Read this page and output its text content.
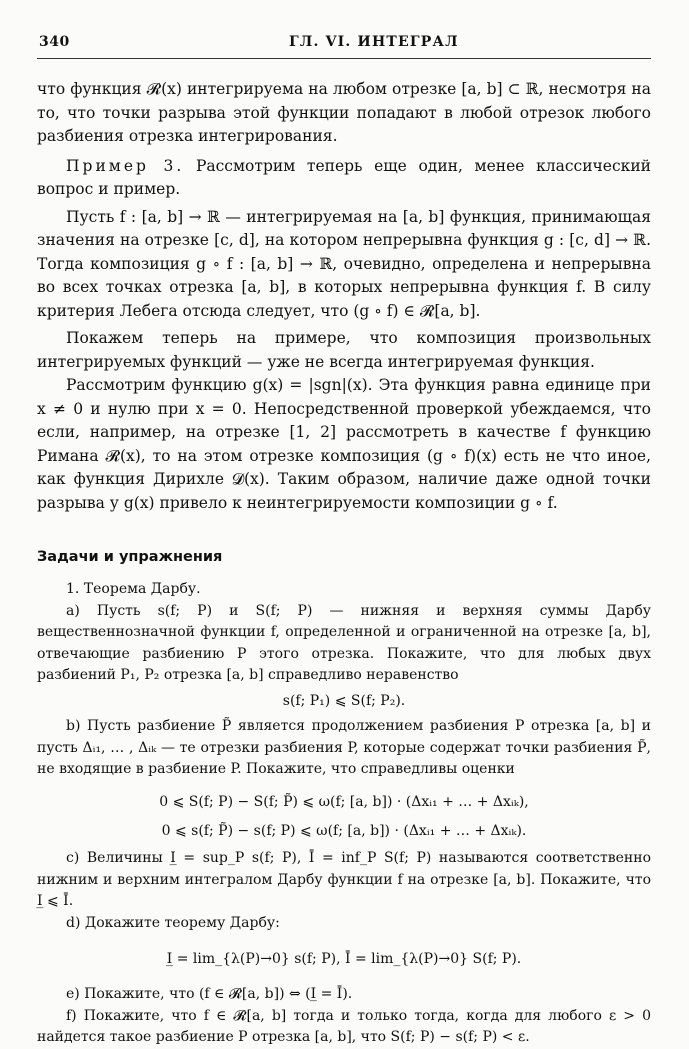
340	ГЛ. VI. ИНТЕГРАЛ

что функция 𝓡(x) интегрируема на любом отрезке [a, b] ⊂ ℝ, несмотря на то, что точки разрыва этой функции попадают в любой отрезок любого разбиения отрезка интегрирования.

Пример 3. Рассмотрим теперь еще один, менее классический вопрос и пример.

Пусть f : [a, b] → ℝ — интегрируемая на [a, b] функция, принимающая значения на отрезке [c, d], на котором непрерывна функция g : [c, d] → ℝ. Тогда композиция g ∘ f : [a, b] → ℝ, очевидно, определена и непрерывна во всех точках отрезка [a, b], в которых непрерывна функция f. В силу критерия Лебега отсюда следует, что (g ∘ f) ∈ 𝓡[a, b].

Покажем теперь на примере, что композиция произвольных интегрируемых функций — уже не всегда интегрируемая функция.

Рассмотрим функцию g(x) = |sgn|(x). Эта функция равна единице при x ≠ 0 и нулю при x = 0. Непосредственной проверкой убеждаемся, что если, например, на отрезке [1, 2] рассмотреть в качестве f функцию Римана 𝓡(x), то на этом отрезке композиция (g ∘ f)(x) есть не что иное, как функция Дирихле 𝓓(x). Таким образом, наличие даже одной точки разрыва у g(x) привело к неинтегрируемости композиции g ∘ f.

Задачи и упражнения

1. Теорема Дарбу.

a) Пусть s(f; P) и S(f; P) — нижняя и верхняя суммы Дарбу вещественнозначной функции f, определенной и ограниченной на отрезке [a, b], отвечающие разбиению P этого отрезка. Покажите, что для любых двух разбиений P₁, P₂ отрезка [a, b] справедливо неравенство

s(f; P₁) ⩽ S(f; P₂).

b) Пусть разбиение P̃ является продолжением разбиения P отрезка [a, b] и пусть Δᵢ₁, … , Δᵢₖ — те отрезки разбиения P, которые содержат точки разбиения P̃, не входящие в разбиение P. Покажите, что справедливы оценки

0 ⩽ S(f; P) − S(f; P̃) ⩽ ω(f; [a, b]) · (Δxᵢ₁ + … + Δxᵢₖ),

0 ⩽ s(f; P̃) − s(f; P) ⩽ ω(f; [a, b]) · (Δxᵢ₁ + … + Δxᵢₖ).

c) Величины I̲ = sup_P s(f; P), Ī = inf_P S(f; P) называются соответственно нижним и верхним интегралом Дарбу функции f на отрезке [a, b]. Покажите, что I̲ ⩽ Ī.

d) Докажите теорему Дарбу:

I̲ = lim_{λ(P)→0} s(f; P), Ī = lim_{λ(P)→0} S(f; P).

e) Покажите, что (f ∈ 𝓡[a, b]) ⇔ (I̲ = Ī).

f) Покажите, что f ∈ 𝓡[a, b] тогда и только тогда, когда для любого ε > 0 найдется такое разбиение P отрезка [a, b], что S(f; P) − s(f; P) < ε.
